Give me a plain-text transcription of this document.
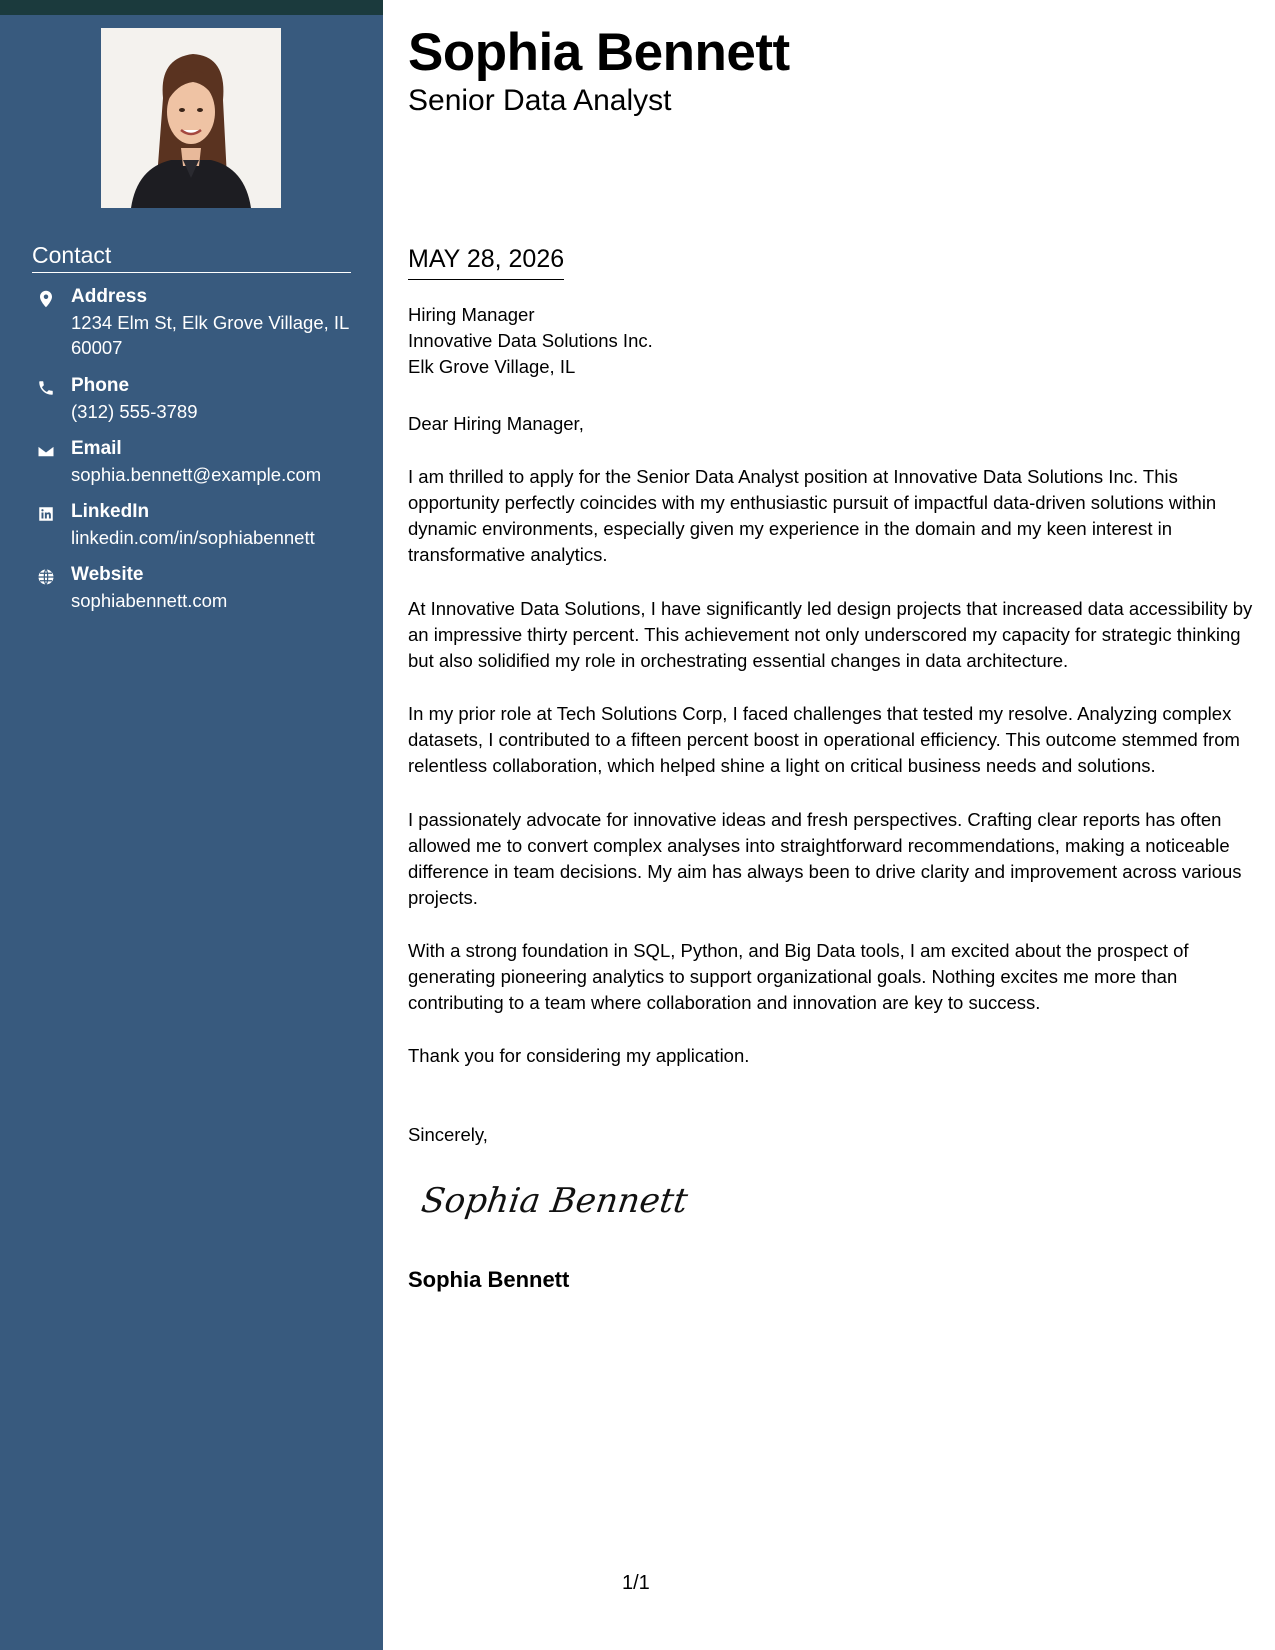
Contact
Address
1234 Elm St, Elk Grove Village, IL 60007
Phone
(312) 555-3789
Email
sophia.bennett@example.com
LinkedIn
linkedin.com/in/sophiabennett
Website
sophiabennett.com
Sophia Bennett
Senior Data Analyst
MAY 28, 2026
Hiring Manager
Innovative Data Solutions Inc.
Elk Grove Village, IL
Dear Hiring Manager,

I am thrilled to apply for the Senior Data Analyst position at Innovative Data Solutions Inc. This opportunity perfectly coincides with my enthusiastic pursuit of impactful data-driven solutions within dynamic environments, especially given my experience in the domain and my keen interest in transformative analytics.

At Innovative Data Solutions, I have significantly led design projects that increased data accessibility by an impressive thirty percent. This achievement not only underscored my capacity for strategic thinking but also solidified my role in orchestrating essential changes in data architecture.

In my prior role at Tech Solutions Corp, I faced challenges that tested my resolve. Analyzing complex datasets, I contributed to a fifteen percent boost in operational efficiency. This outcome stemmed from relentless collaboration, which helped shine a light on critical business needs and solutions.

I passionately advocate for innovative ideas and fresh perspectives. Crafting clear reports has often allowed me to convert complex analyses into straightforward recommendations, making a noticeable difference in team decisions. My aim has always been to drive clarity and improvement across various projects.

With a strong foundation in SQL, Python, and Big Data tools, I am excited about the prospect of generating pioneering analytics to support organizational goals. Nothing excites me more than contributing to a team where collaboration and innovation are key to success.

Thank you for considering my application.

Sincerely,
Sophia Bennett
Sophia Bennett
1/1
